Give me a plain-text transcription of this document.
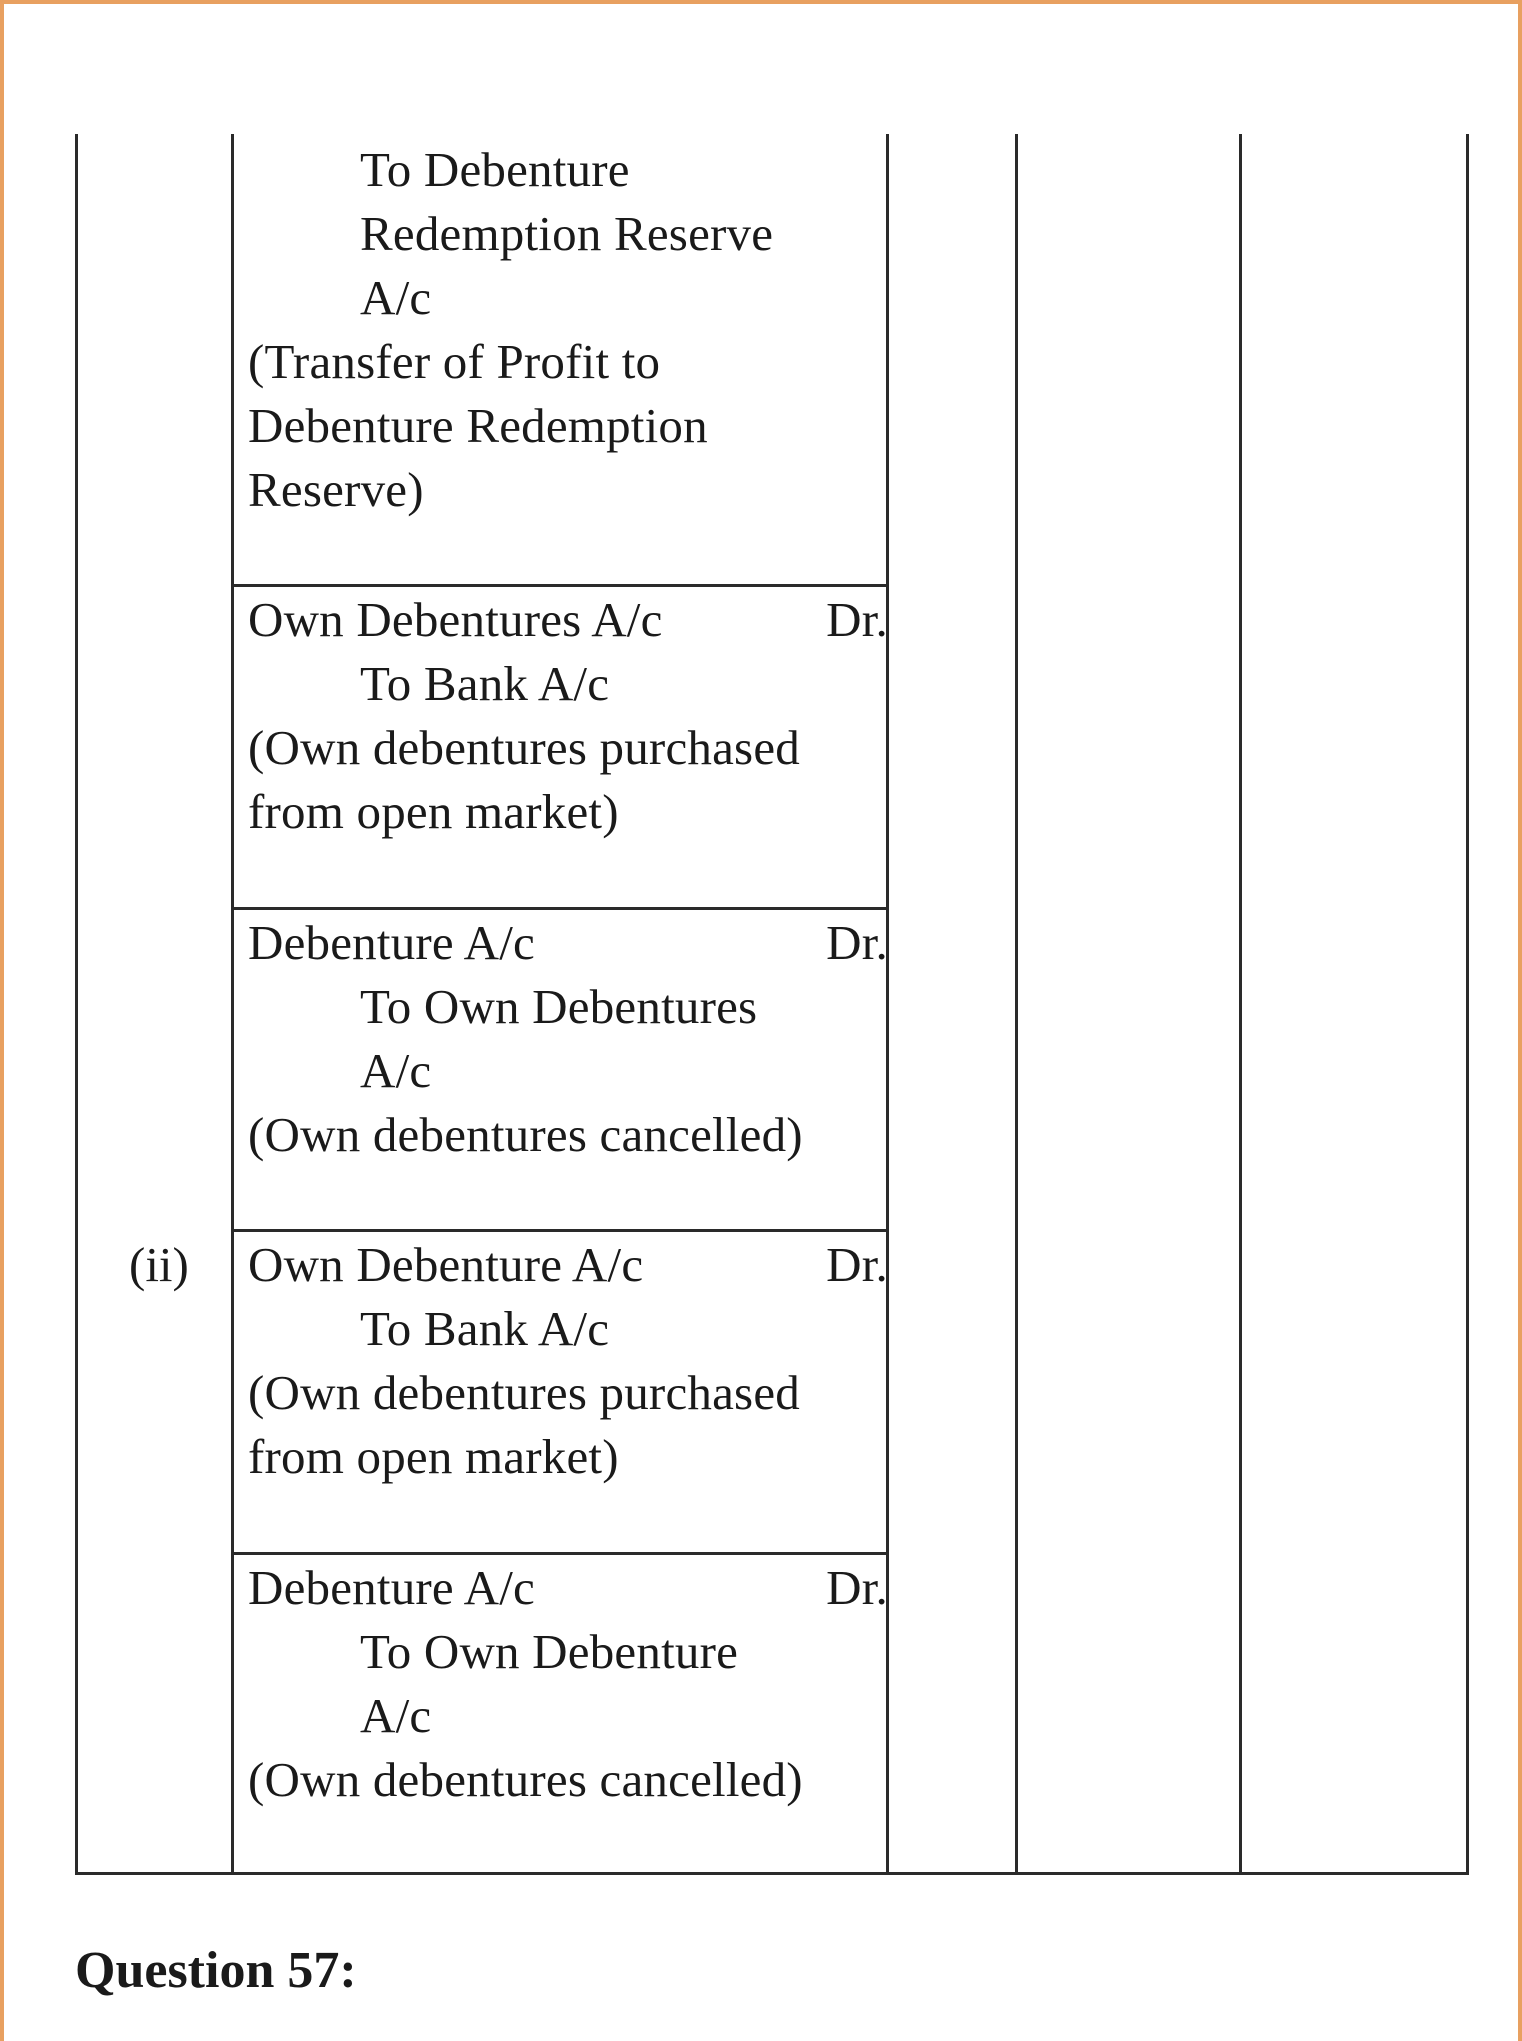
To Debenture
Redemption Reserve
A/c
(Transfer of Profit to
Debenture Redemption
Reserve)
Own Debentures A/c	Dr.
To Bank A/c
(Own debentures purchased
from open market)
Debenture A/c	Dr.
To Own Debentures
A/c
(Own debentures cancelled)
(ii)	Own Debenture A/c	Dr.
To Bank A/c
(Own debentures purchased
from open market)
Debenture A/c	Dr.
To Own Debenture
A/c
(Own debentures cancelled)
Question 57:
